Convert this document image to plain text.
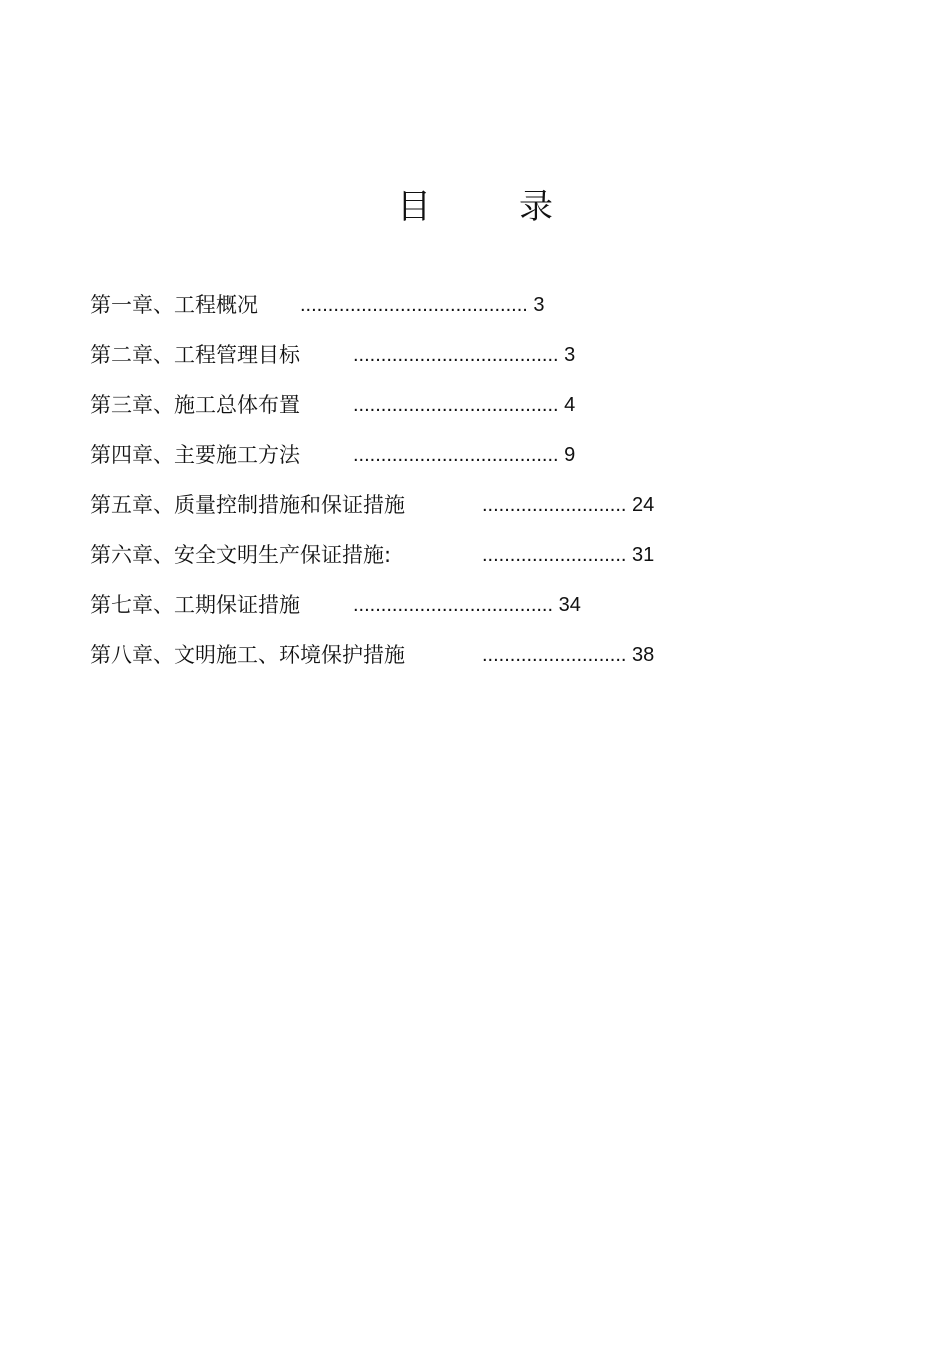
目	录
第一章、工程概况 ......................................... 3
第二章、工程管理目标	..................................... 3
第三章、施工总体布置	..................................... 4
第四章、主要施工方法	..................................... 9
第五章、质量控制措施和保证措施	.......................... 24
第六章、安全文明生产保证措施:	.......................... 31
第七章、工期保证措施	.................................... 34
第八章、文明施工、环境保护措施	.......................... 38
